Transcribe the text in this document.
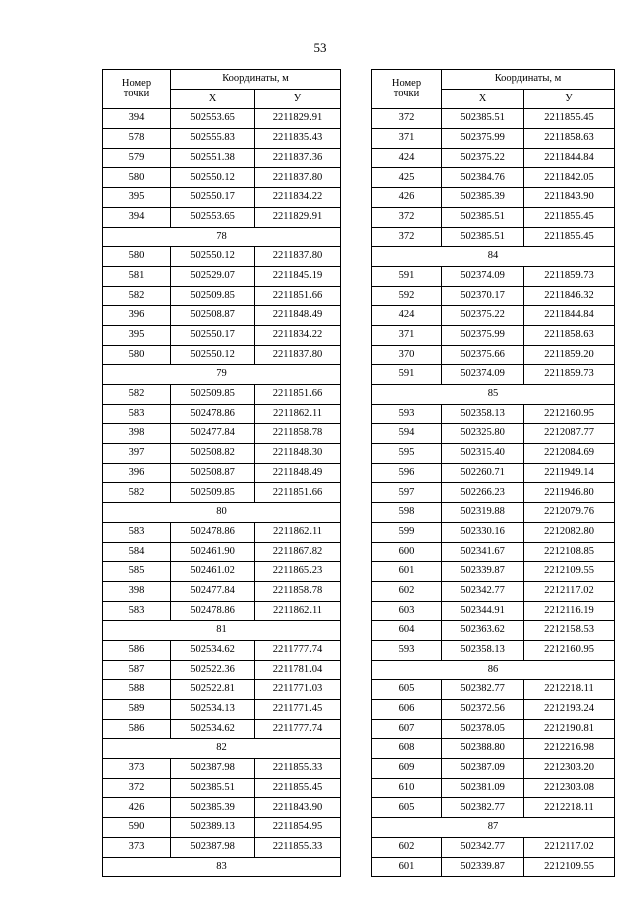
53
Номер
точки	Координаты, м	
	X	У
394	502553.65	2211829.91
578	502555.83	2211835.43
579	502551.38	2211837.36
580	502550.12	2211837.80
395	502550.17	2211834.22
394	502553.65	2211829.91
78		
580	502550.12	2211837.80
581	502529.07	2211845.19
582	502509.85	2211851.66
396	502508.87	2211848.49
395	502550.17	2211834.22
580	502550.12	2211837.80
79		
582	502509.85	2211851.66
583	502478.86	2211862.11
398	502477.84	2211858.78
397	502508.82	2211848.30
396	502508.87	2211848.49
582	502509.85	2211851.66
80		
583	502478.86	2211862.11
584	502461.90	2211867.82
585	502461.02	2211865.23
398	502477.84	2211858.78
583	502478.86	2211862.11
81		
586	502534.62	2211777.74
587	502522.36	2211781.04
588	502522.81	2211771.03
589	502534.13	2211771.45
586	502534.62	2211777.74
82		
373	502387.98	2211855.33
372	502385.51	2211855.45
426	502385.39	2211843.90
590	502389.13	2211854.95
373	502387.98	2211855.33
83		
Номер
точки	Координаты, м	
	X	У
372	502385.51	2211855.45
371	502375.99	2211858.63
424	502375.22	2211844.84
425	502384.76	2211842.05
426	502385.39	2211843.90
372	502385.51	2211855.45
372	502385.51	2211855.45
84		
591	502374.09	2211859.73
592	502370.17	2211846.32
424	502375.22	2211844.84
371	502375.99	2211858.63
370	502375.66	2211859.20
591	502374.09	2211859.73
85		
593	502358.13	2212160.95
594	502325.80	2212087.77
595	502315.40	2212084.69
596	502260.71	2211949.14
597	502266.23	2211946.80
598	502319.88	2212079.76
599	502330.16	2212082.80
600	502341.67	2212108.85
601	502339.87	2212109.55
602	502342.77	2212117.02
603	502344.91	2212116.19
604	502363.62	2212158.53
593	502358.13	2212160.95
86		
605	502382.77	2212218.11
606	502372.56	2212193.24
607	502378.05	2212190.81
608	502388.80	2212216.98
609	502387.09	2212303.20
610	502381.09	2212303.08
605	502382.77	2212218.11
87		
602	502342.77	2212117.02
601	502339.87	2212109.55
